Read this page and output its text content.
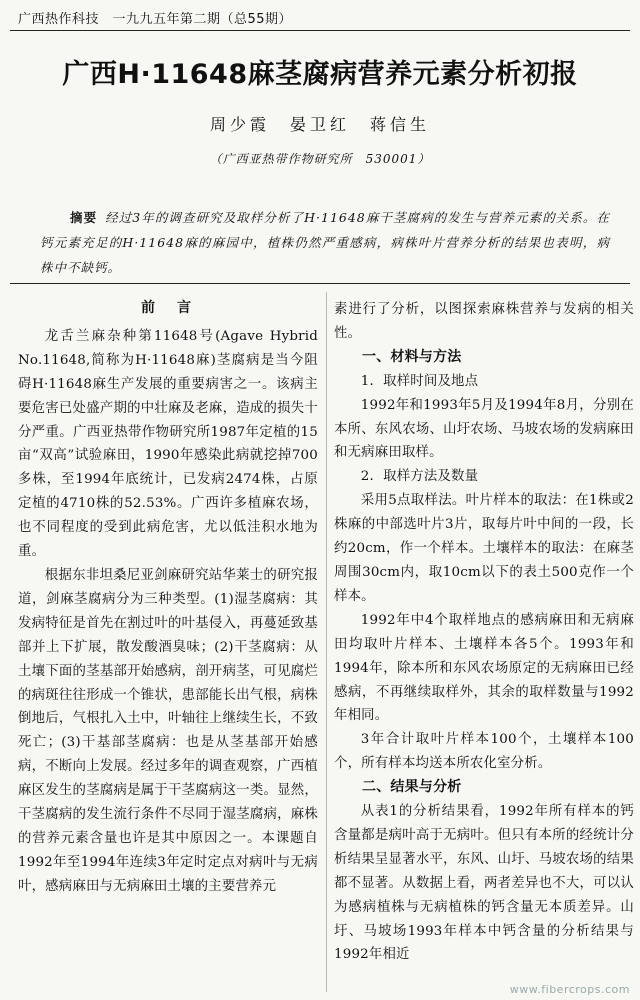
广西热作科技　一九九五年第二期（总55期）
广西H·11648麻茎腐病营养元素分析初报
周少霞　晏卫红　蒋信生
（广西亚热带作物研究所　530001）
摘要 经过3年的调查研究及取样分析了H·11648麻干茎腐病的发生与营养元素的关系。在钙元素充足的H·11648麻的麻园中，植株仍然严重感病，病株叶片营养分析的结果也表明，病株中不缺钙。
前　言

龙舌兰麻杂种第11648号(Agave Hybrid No.11648,简称为H·11648麻)茎腐病是当今阻碍H·11648麻生产发展的重要病害之一。该病主要危害已处盛产期的中壮麻及老麻，造成的损失十分严重。广西亚热带作物研究所1987年定植的15亩“双高”试验麻田，1990年感染此病就挖掉700多株，至1994年底统计，已发病2474株，占原定植的4710株的52.53%。广西许多植麻农场，也不同程度的受到此病危害，尤以低洼积水地为重。

根据东非坦桑尼亚剑麻研究站华莱士的研究报道，剑麻茎腐病分为三种类型。(1)湿茎腐病：其发病特征是首先在割过叶的叶基侵入，再蔓延致基部并上下扩展，散发酸酒臭味；(2)干茎腐病：从土壤下面的茎基部开始感病，剖开病茎，可见腐烂的病斑往往形成一个锥状，患部能长出气根，病株倒地后，气根扎入土中，叶轴往上继续生长，不致死亡；(3)干基部茎腐病：也是从茎基部开始感病，不断向上发展。经过多年的调查观察，广西植麻区发生的茎腐病是属于干茎腐病这一类。显然，干茎腐病的发生流行条件不尽同于湿茎腐病，麻株的营养元素含量也许是其中原因之一。本课题自1992年至1994年连续3年定时定点对病叶与无病叶，感病麻田与无病麻田土壤的主要营养元

素进行了分析，以图探索麻株营养与发病的相关性。

一、材料与方法

1．取样时间及地点

1992年和1993年5月及1994年8月，分别在本所、东风农场、山圩农场、马坡农场的发病麻田和无病麻田取样。

2．取样方法及数量

采用5点取样法。叶片样本的取法：在1株或2株麻的中部选叶片3片，取每片叶中间的一段，长约20cm，作一个样本。土壤样本的取法：在麻茎周围30cm内，取10cm以下的表土500克作一个样本。

1992年中4个取样地点的感病麻田和无病麻田均取叶片样本、土壤样本各5个。1993年和1994年，除本所和东风农场原定的无病麻田已经感病，不再继续取样外，其余的取样数量与1992年相同。

3年合计取叶片样本100个，土壤样本100个，所有样本均送本所农化室分析。

二、结果与分析

从表1的分析结果看，1992年所有样本的钙含量都是病叶高于无病叶。但只有本所的经统计分析结果呈显著水平，东风、山圩、马坡农场的结果都不显著。从数据上看，两者差异也不大，可以认为感病植株与无病植株的钙含量无本质差异。山圩、马坡场1993年样本中钙含量的分析结果与1992年相近

www.fibercrops.com
